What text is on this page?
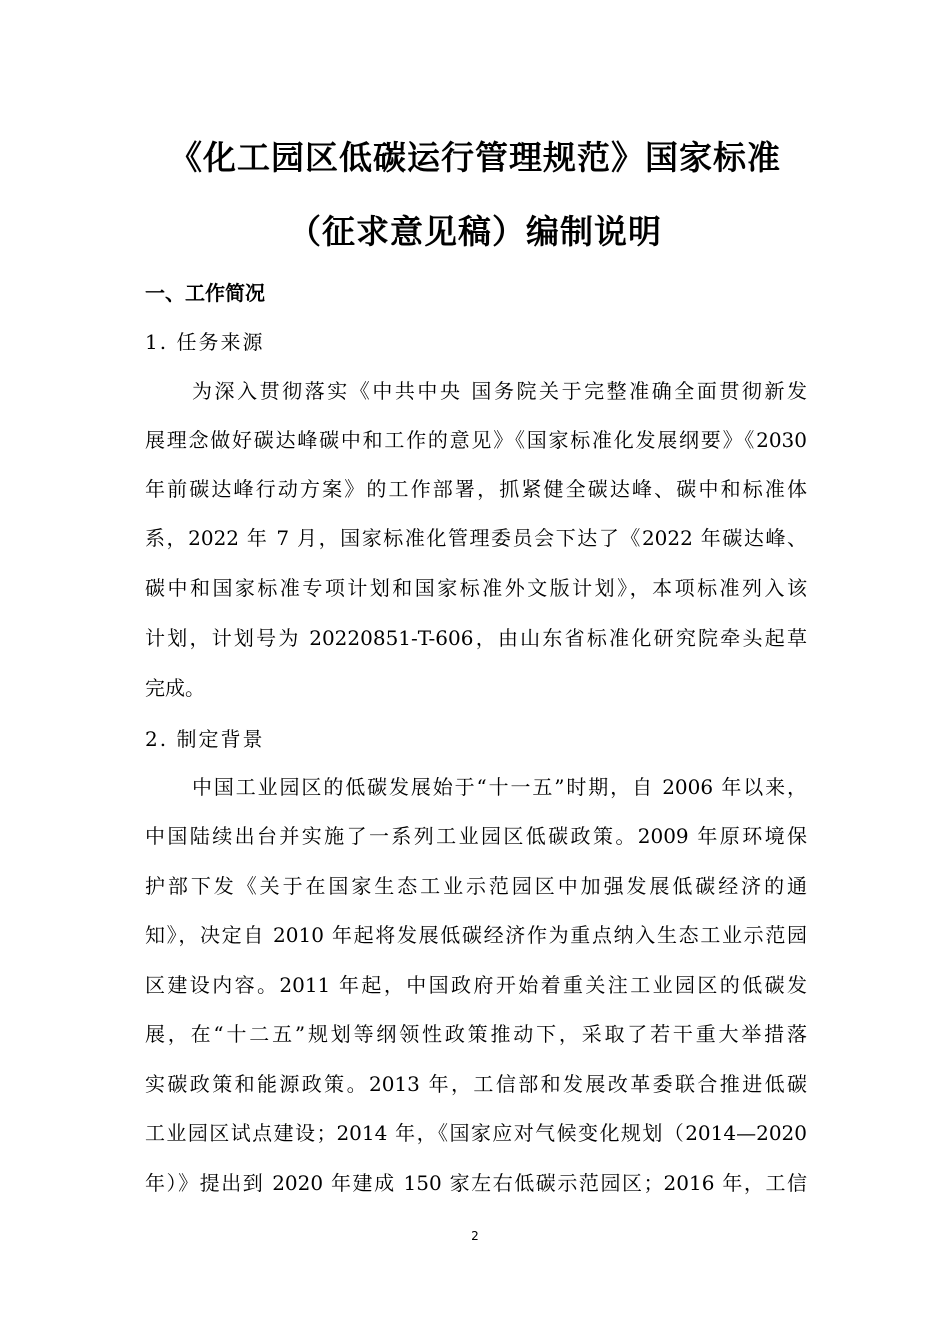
《化工园区低碳运行管理规范》国家标准
（征求意见稿）编制说明
一、工作简况
1. 任务来源
为深入贯彻落实《中共中央 国务院关于完整准确全面贯彻新发
展理念做好碳达峰碳中和工作的意见》《国家标准化发展纲要》《2030
年前碳达峰行动方案》的工作部署，抓紧健全碳达峰、碳中和标准体
系，2022 年 7 月，国家标准化管理委员会下达了《2022 年碳达峰、
碳中和国家标准专项计划和国家标准外文版计划》，本项标准列入该
计划，计划号为 20220851-T-606，由山东省标准化研究院牵头起草
完成。
2. 制定背景
中国工业园区的低碳发展始于“十一五”时期，自 2006 年以来，
中国陆续出台并实施了一系列工业园区低碳政策。2009 年原环境保
护部下发《关于在国家生态工业示范园区中加强发展低碳经济的通
知》，决定自 2010 年起将发展低碳经济作为重点纳入生态工业示范园
区建设内容。2011 年起，中国政府开始着重关注工业园区的低碳发
展，在“十二五”规划等纲领性政策推动下，采取了若干重大举措落
实碳政策和能源政策。2013 年，工信部和发展改革委联合推进低碳
工业园区试点建设；2014 年，《国家应对气候变化规划（2014—2020
年）》提出到 2020 年建成 150 家左右低碳示范园区；2016 年，工信
2
